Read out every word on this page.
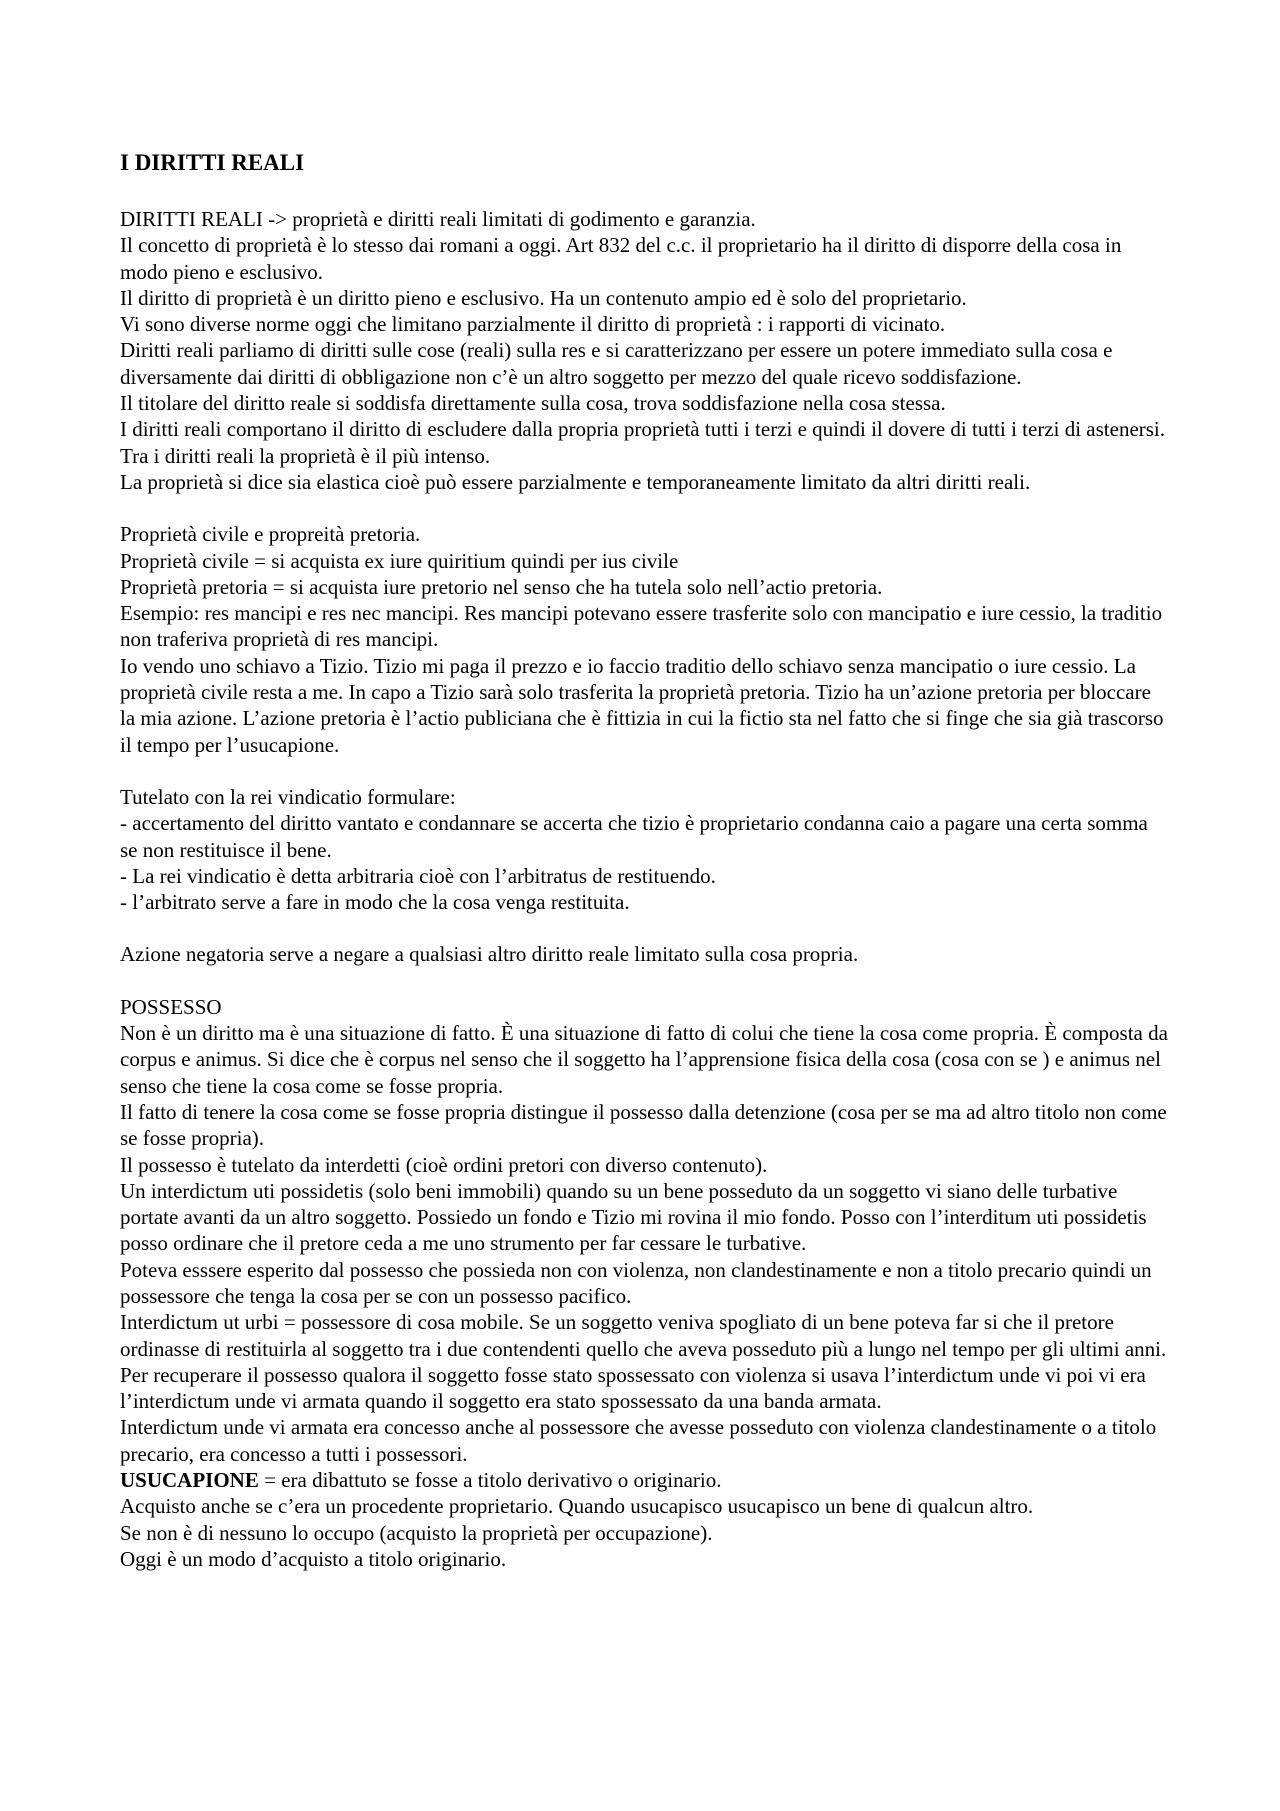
I DIRITTI REALI

DIRITTI REALI -> proprietà e diritti reali limitati di godimento e garanzia.

Il concetto di proprietà è lo stesso dai romani a oggi. Art 832 del c.c. il proprietario ha il diritto di disporre della cosa in modo pieno e esclusivo.

Il diritto di proprietà è un diritto pieno e esclusivo. Ha un contenuto ampio ed è solo del proprietario.

Vi sono diverse norme oggi che limitano parzialmente il diritto di proprietà : i rapporti di vicinato.

Diritti reali parliamo di diritti sulle cose (reali) sulla res e si caratterizzano per essere un potere immediato sulla cosa e diversamente dai diritti di obbligazione non c’è un altro soggetto per mezzo del quale ricevo soddisfazione.

Il titolare del diritto reale si soddisfa direttamente sulla cosa, trova soddisfazione nella cosa stessa.

I diritti reali comportano il diritto di escludere dalla propria proprietà tutti i terzi e quindi il dovere di tutti i terzi di astenersi.

Tra i diritti reali la proprietà è il più intenso.

La proprietà si dice sia elastica cioè può essere parzialmente e temporaneamente limitato da altri diritti reali.

Proprietà civile e propreità pretoria.

Proprietà civile = si acquista ex iure quiritium quindi per ius civile

Proprietà pretoria = si acquista iure pretorio nel senso che ha tutela solo nell’actio pretoria.

Esempio: res mancipi e res nec mancipi. Res mancipi potevano essere trasferite solo con mancipatio e iure cessio, la traditio non traferiva proprietà di res mancipi.

Io vendo uno schiavo a Tizio. Tizio mi paga il prezzo e io faccio traditio dello schiavo senza mancipatio o iure cessio. La proprietà civile resta a me. In capo a Tizio sarà solo trasferita la proprietà pretoria. Tizio ha un’azione pretoria per bloccare la mia azione. L’azione pretoria è l’actio publiciana che è fittizia in cui la fictio sta nel fatto che si finge che sia già trascorso il tempo per l’usucapione.

Tutelato con la rei vindicatio formulare:

- accertamento del diritto vantato e condannare se accerta che tizio è proprietario condanna caio a pagare una certa somma se non restituisce il bene.

- La rei vindicatio è detta arbitraria cioè con l’arbitratus de restituendo.

- l’arbitrato serve a fare in modo che la cosa venga restituita.

Azione negatoria serve a negare a qualsiasi altro diritto reale limitato sulla cosa propria.

POSSESSO

Non è un diritto ma è una situazione di fatto. È una situazione di fatto di colui che tiene la cosa come propria. È composta da corpus e animus. Si dice che è corpus nel senso che il soggetto ha l’apprensione fisica della cosa (cosa con se ) e animus nel senso che tiene la cosa come se fosse propria.

Il fatto di tenere la cosa come se fosse propria distingue il possesso dalla detenzione (cosa per se ma ad altro titolo non come se fosse propria).

Il possesso è tutelato da interdetti (cioè ordini pretori con diverso contenuto).

Un interdictum uti possidetis (solo beni immobili) quando su un bene posseduto da un soggetto vi siano delle turbative portate avanti da un altro soggetto. Possiedo un fondo e Tizio mi rovina il mio fondo. Posso con l’interditum uti possidetis posso ordinare che il pretore ceda a me uno strumento per far cessare le turbative.

Poteva esssere esperito dal possesso che possieda non con violenza, non clandestinamente e non a titolo precario quindi un possessore che tenga la cosa per se con un possesso pacifico.

Interdictum ut urbi = possessore di cosa mobile. Se un soggetto veniva spogliato di un bene poteva far si che il pretore ordinasse di restituirla al soggetto tra i due contendenti quello che aveva posseduto più a lungo nel tempo per gli ultimi anni.

Per recuperare il possesso qualora il soggetto fosse stato spossessato con violenza si usava l’interdictum unde vi poi vi era l’interdictum unde vi armata quando il soggetto era stato spossessato da una banda armata.

Interdictum unde vi armata era concesso anche al possessore che avesse posseduto con violenza clandestinamente o a titolo precario, era concesso a tutti i possessori.

USUCAPIONE = era dibattuto se fosse a titolo derivativo o originario.

Acquisto anche se c’era un procedente proprietario. Quando usucapisco usucapisco un bene di qualcun altro.

Se non è di nessuno lo occupo (acquisto la proprietà per occupazione).

Oggi è un modo d’acquisto a titolo originario.
